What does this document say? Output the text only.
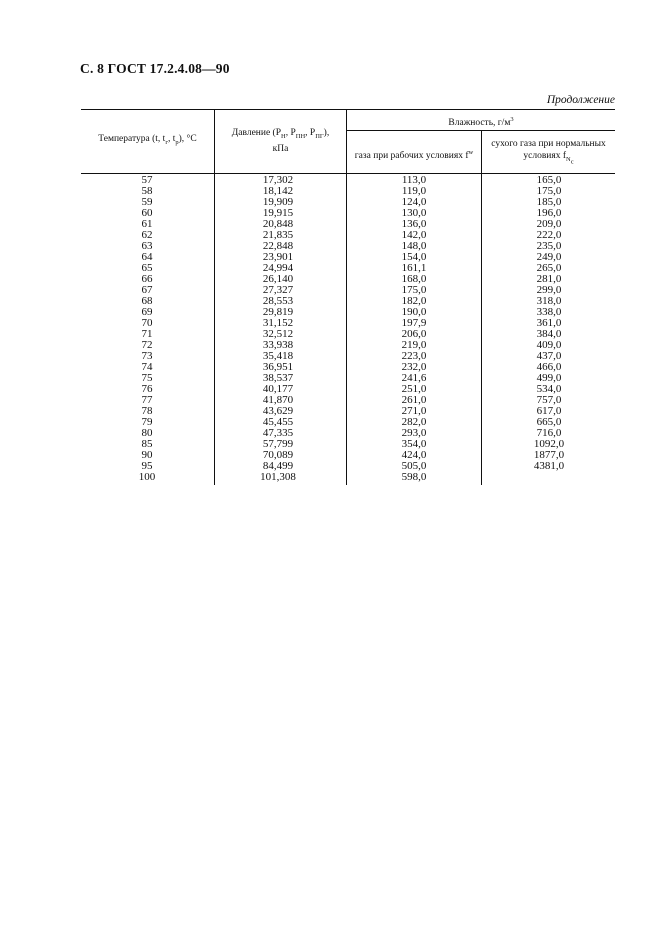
С. 8 ГОСТ 17.2.4.08—90
Продолжение
Температура (t, $t_г$, $t_р$), °С
Давление ($P_Н$, $P_{ПН}$, $P_{ПГ}$),
кПа
Влажность, $г/м^3$
газа при рабочих условиях $f^w$
сухого газа при нормальных
условиях $f_{N_с}$
57	17,302	113,0	165,0
58	18,142	119,0	175,0
59	19,909	124,0	185,0
60	19,915	130,0	196,0
61	20,848	136,0	209,0
62	21,835	142,0	222,0
63	22,848	148,0	235,0
64	23,901	154,0	249,0
65	24,994	161,1	265,0
66	26,140	168,0	281,0
67	27,327	175,0	299,0
68	28,553	182,0	318,0
69	29,819	190,0	338,0
70	31,152	197,9	361,0
71	32,512	206,0	384,0
72	33,938	219,0	409,0
73	35,418	223,0	437,0
74	36,951	232,0	466,0
75	38,537	241,6	499,0
76	40,177	251,0	534,0
77	41,870	261,0	757,0
78	43,629	271,0	617,0
79	45,455	282,0	665,0
80	47,335	293,0	716,0
85	57,799	354,0	1092,0
90	70,089	424,0	1877,0
95	84,499	505,0	4381,0
100	101,308	598,0
